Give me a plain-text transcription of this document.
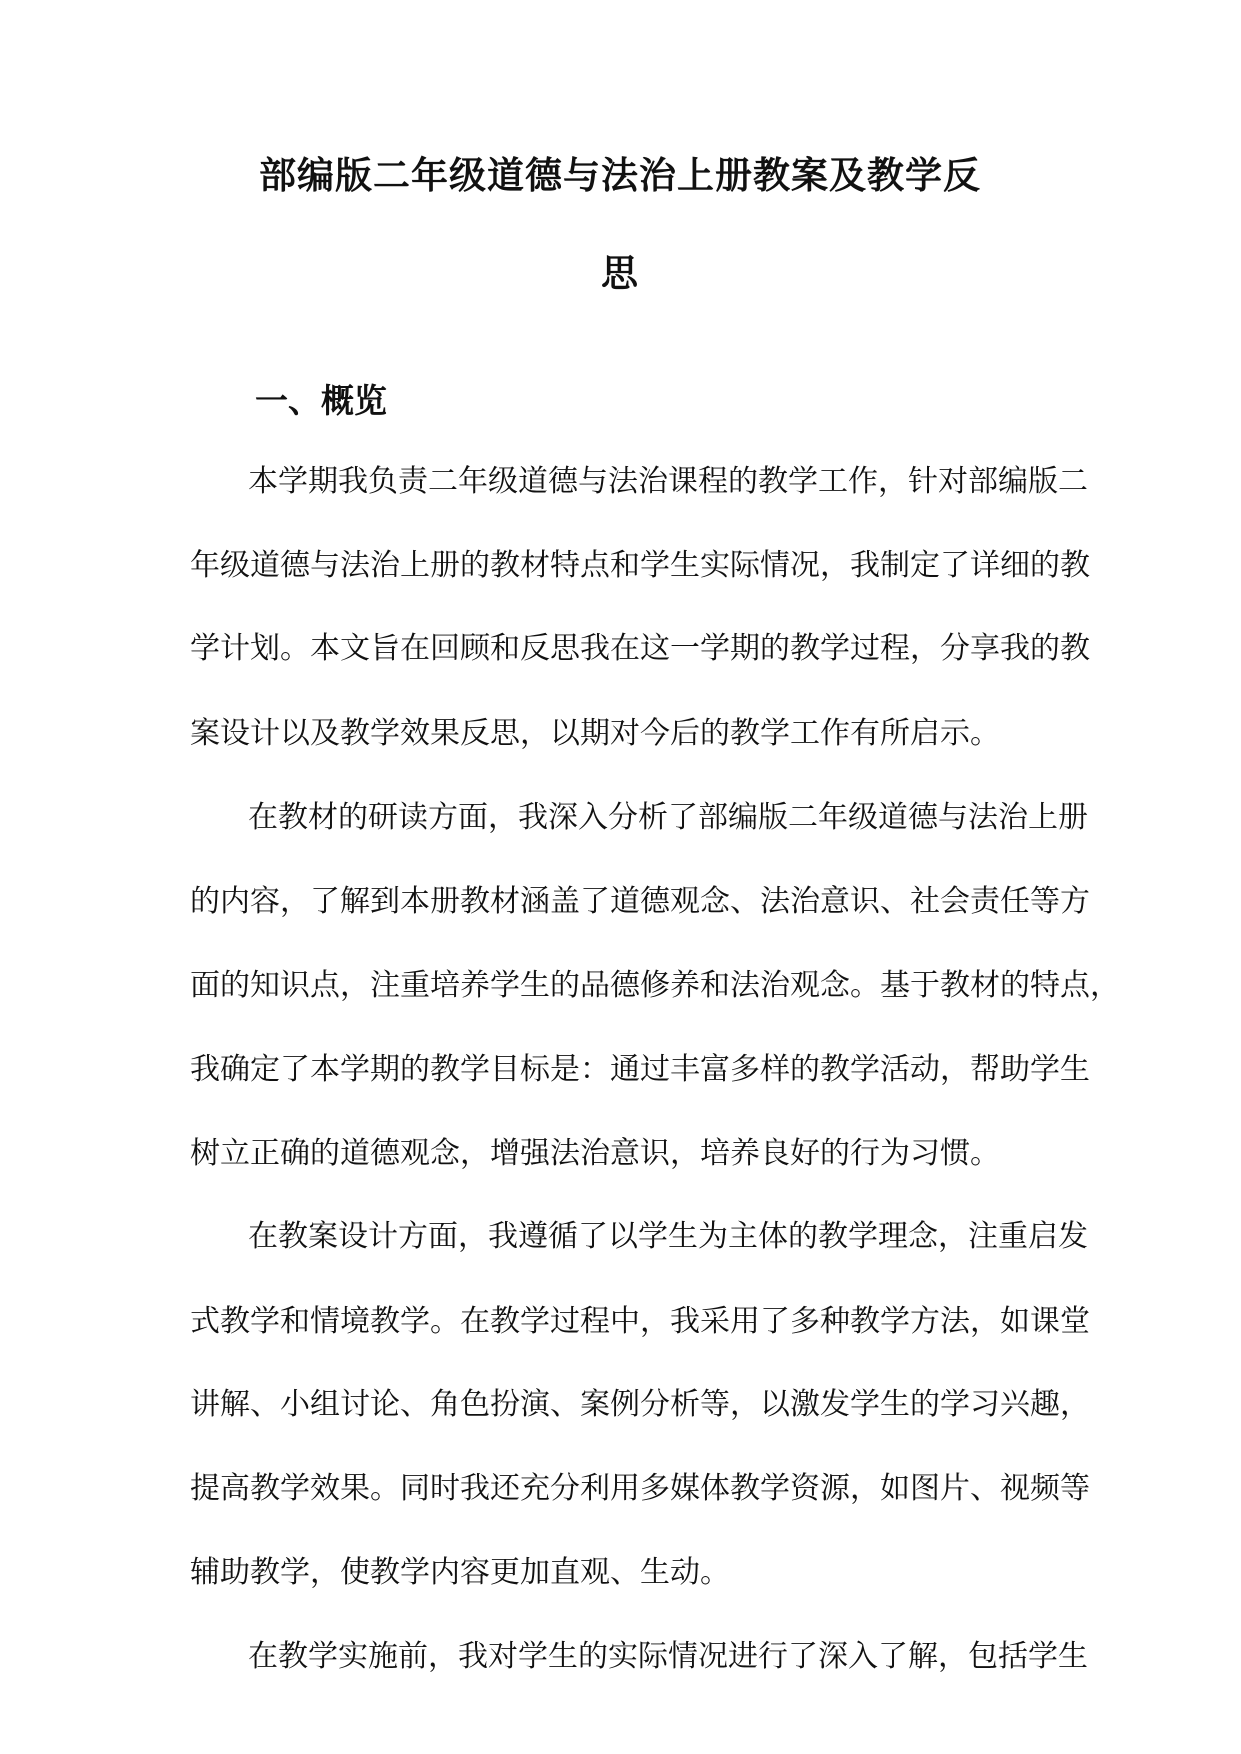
部编版二年级道德与法治上册教案及教学反
思
一、概览

本学期我负责二年级道德与法治课程的教学工作，针对部编版二

年级道德与法治上册的教材特点和学生实际情况，我制定了详细的教

学计划。本文旨在回顾和反思我在这一学期的教学过程，分享我的教

案设计以及教学效果反思，以期对今后的教学工作有所启示。

在教材的研读方面，我深入分析了部编版二年级道德与法治上册

的内容，了解到本册教材涵盖了道德观念、法治意识、社会责任等方

面的知识点，注重培养学生的品德修养和法治观念。基于教材的特点，

我确定了本学期的教学目标是：通过丰富多样的教学活动，帮助学生

树立正确的道德观念，增强法治意识，培养良好的行为习惯。

在教案设计方面，我遵循了以学生为主体的教学理念，注重启发

式教学和情境教学。在教学过程中，我采用了多种教学方法，如课堂

讲解、小组讨论、角色扮演、案例分析等，以激发学生的学习兴趣，

提高教学效果。同时我还充分利用多媒体教学资源，如图片、视频等

辅助教学，使教学内容更加直观、生动。

在教学实施前，我对学生的实际情况进行了深入了解，包括学生
